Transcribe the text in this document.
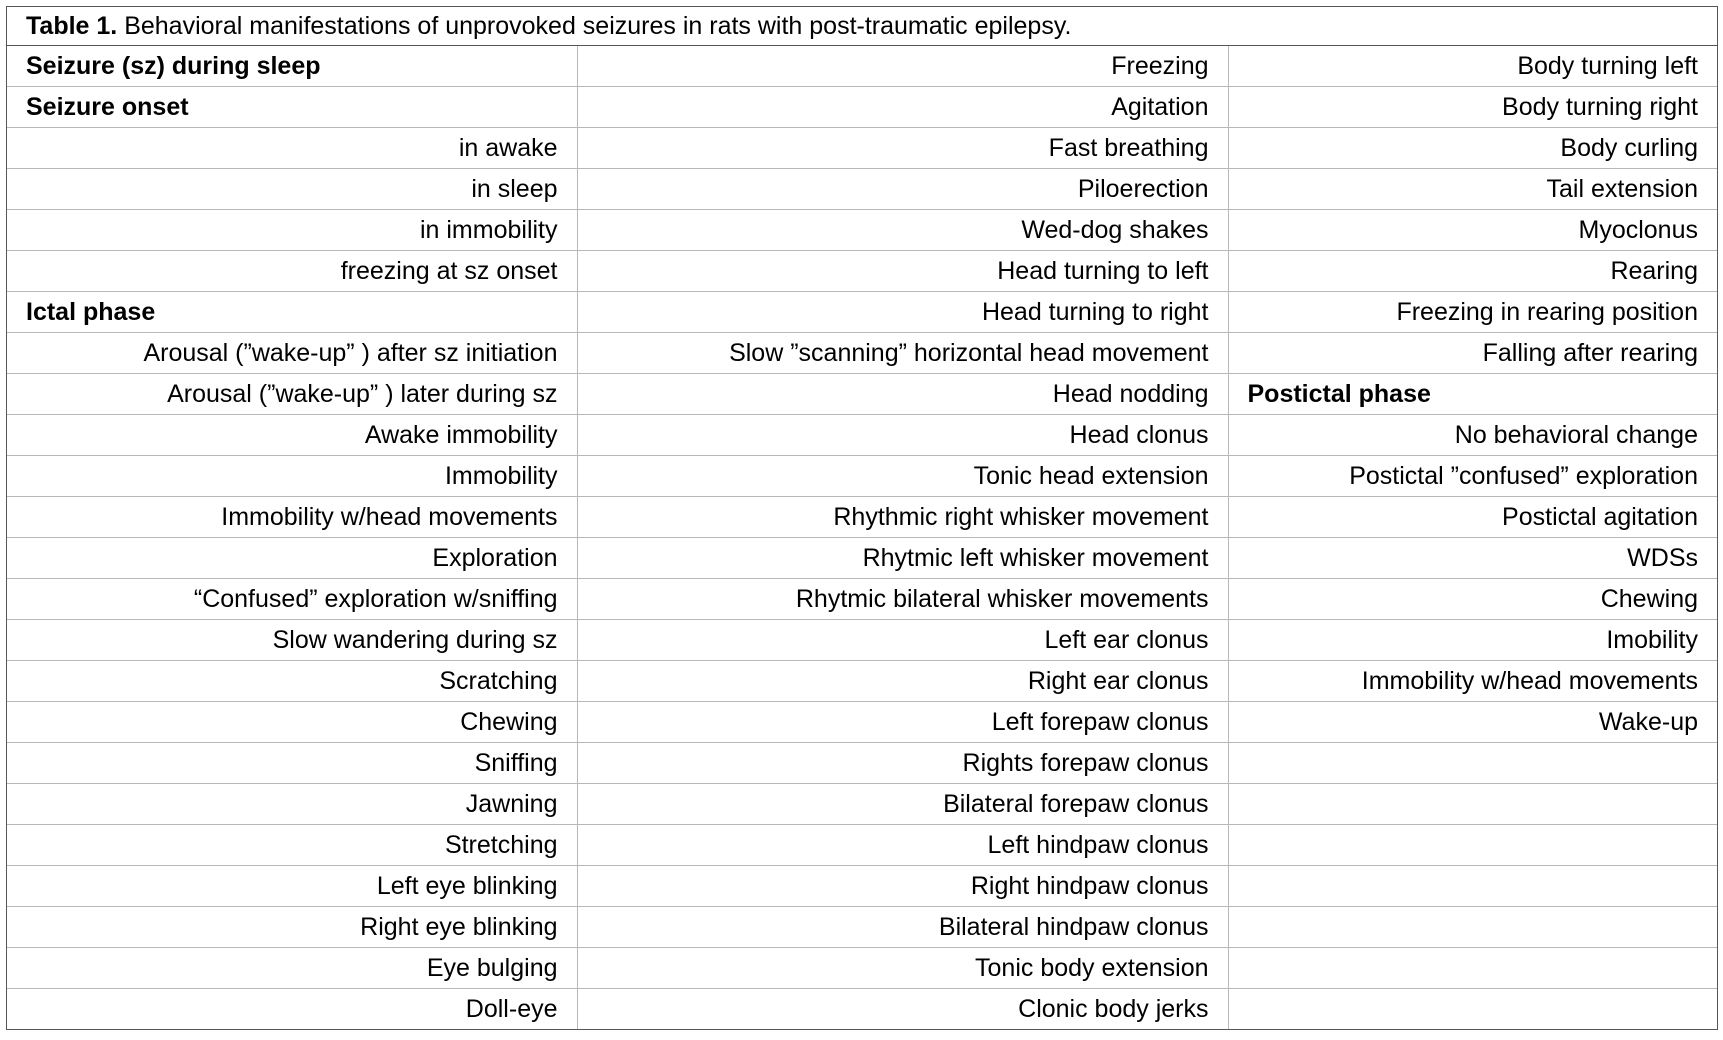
Table 1. Behavioral manifestations of unprovoked seizures in rats with post-traumatic epilepsy.
Seizure (sz) during sleep	Freezing	Body turning left
Seizure onset	Agitation	Body turning right
in awake	Fast breathing	Body curling
in sleep	Piloerection	Tail extension
in immobility	Wed-dog shakes	Myoclonus
freezing at sz onset	Head turning to left	Rearing
Ictal phase	Head turning to right	Freezing in rearing position
Arousal (”wake-up” ) after sz initiation	Slow ”scanning” horizontal head movement	Falling after rearing
Arousal (”wake-up” ) later during sz	Head nodding	Postictal phase
Awake immobility	Head clonus	No behavioral change
Immobility	Tonic head extension	Postictal ”confused” exploration
Immobility w/head movements	Rhythmic right whisker movement	Postictal agitation
Exploration	Rhytmic left whisker movement	WDSs
“Confused” exploration w/sniffing	Rhytmic bilateral whisker movements	Chewing
Slow wandering during sz	Left ear clonus	Imobility
Scratching	Right ear clonus	Immobility w/head movements
Chewing	Left forepaw clonus	Wake-up
Sniffing	Rights forepaw clonus	
Jawning	Bilateral forepaw clonus	
Stretching	Left hindpaw clonus	
Left eye blinking	Right hindpaw clonus	
Right eye blinking	Bilateral hindpaw clonus	
Eye bulging	Tonic body extension	
Doll-eye	Clonic body jerks	
